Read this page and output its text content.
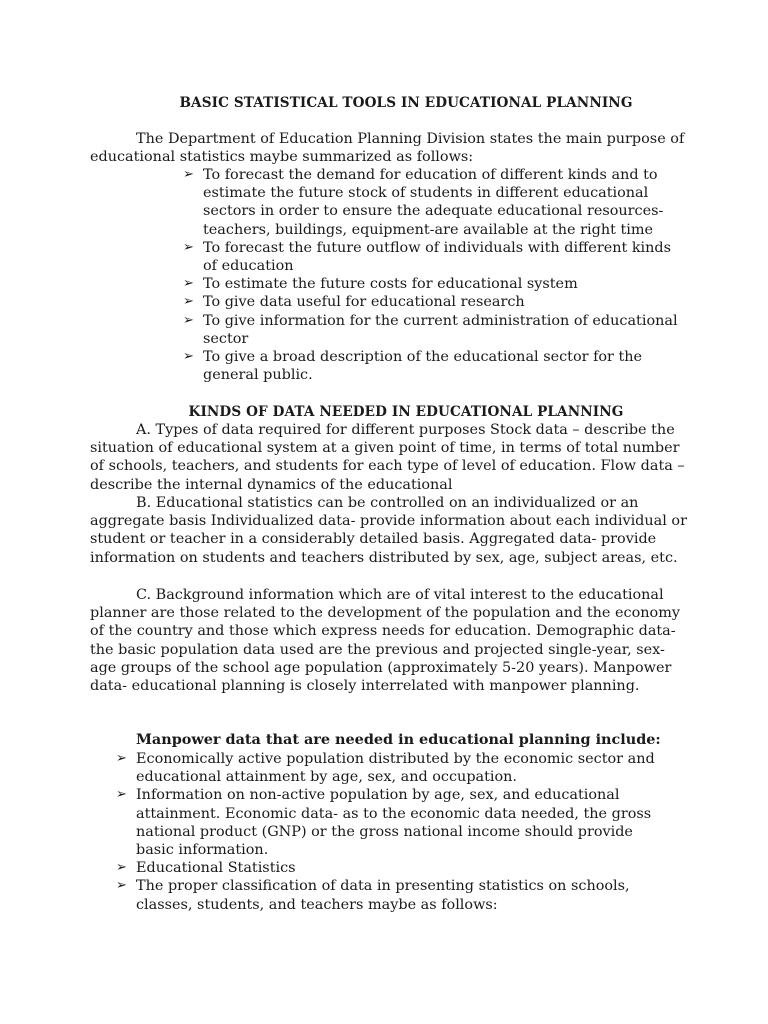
BASIC STATISTICAL TOOLS IN EDUCATIONAL PLANNING

The Department of Education Planning Division states the main purpose of educational statistics maybe summarized as follows:

➢ To forecast the demand for education of different kinds and to estimate the future stock of students in different educational sectors in order to ensure the adequate educational resources- teachers, buildings, equipment-are available at the right time
➢ To forecast the future outflow of individuals with different kinds of education
➢ To estimate the future costs for educational system
➢ To give data useful for educational research
➢ To give information for the current administration of educational sector
➢ To give a broad description of the educational sector for the general public.
KINDS OF DATA NEEDED IN EDUCATIONAL PLANNING

A. Types of data required for different purposes Stock data – describe the situation of educational system at a given point of time, in terms of total number of schools, teachers, and students for each type of level of education. Flow data – describe the internal dynamics of the educational

B. Educational statistics can be controlled on an individualized or an aggregate basis Individualized data- provide information about each individual or student or teacher in a considerably detailed basis. Aggregated data- provide information on students and teachers distributed by sex, age, subject areas, etc.

C. Background information which are of vital interest to the educational planner are those related to the development of the population and the economy of the country and those which express needs for education. Demographic data- the basic population data used are the previous and projected single-year, sex-age groups of the school age population (approximately 5-20 years). Manpower data- educational planning is closely interrelated with manpower planning.

Manpower data that are needed in educational planning include:
➢ Economically active population distributed by the economic sector and educational attainment by age, sex, and occupation.
➢ Information on non-active population by age, sex, and educational attainment. Economic data- as to the economic data needed, the gross national product (GNP) or the gross national income should provide basic information.
➢ Educational Statistics
➢ The proper classification of data in presenting statistics on schools, classes, students, and teachers maybe as follows:
